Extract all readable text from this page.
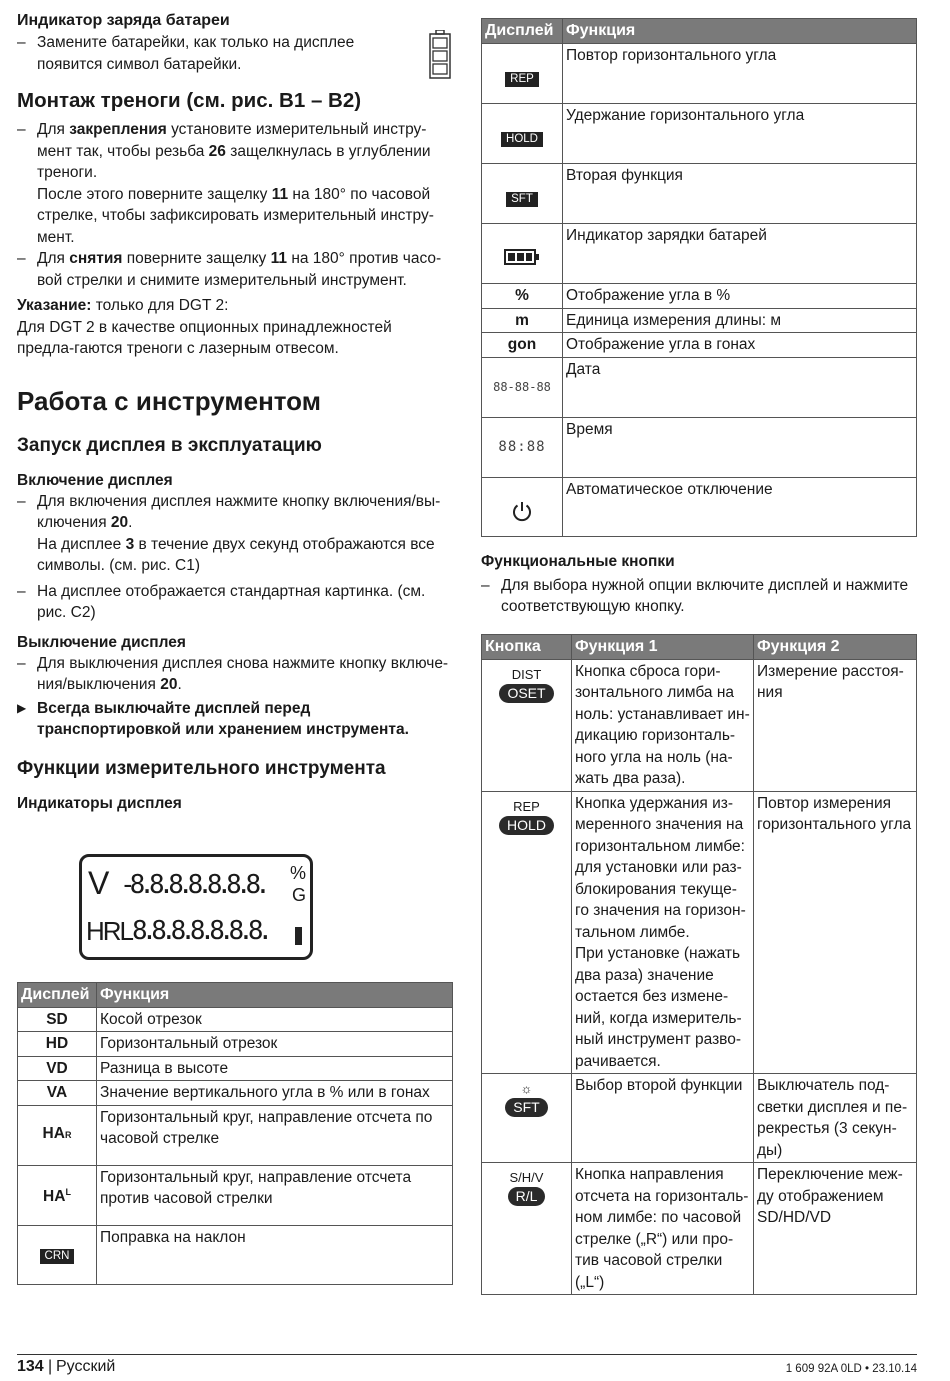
Индикатор заряда батареи
– Замените батарейки, как только на дисплее появится символ батарейки.
Монтаж треноги (см. рис. B1 – B2)
– Для закрепления установите измерительный инстру-мент так, чтобы резьба 26 защелкнулась в углублении треноги.
После этого поверните защелку 11 на 180° по часовой стрелке, чтобы зафиксировать измерительный инстру-мент.
– Для снятия поверните защелку 11 на 180° против часо-вой стрелки и снимите измерительный инструмент.

Указание: только для DGT 2:

Для DGT 2 в качестве опционных принадлежностей предла-гаются треноги с лазерным отвесом.

Работа с инструментом
Запуск дисплея в эксплуатацию
Включение дисплея
– Для включения дисплея нажмите кнопку включения/вы-ключения 20.
На дисплее 3 в течение двух секунд отображаются все символы. (см. рис. C1)
– На дисплее отображается стандартная картинка. (см. рис. C2)
Выключение дисплея
– Для выключения дисплея снова нажмите кнопку включе-ния/выключения 20.
▶ Всегда выключайте дисплей перед транспортировкой или хранением инструмента.
Функции измерительного инструмента
Индикаторы дисплея
V -8.8.8.8.8.8.8. %
G
HRL 8.8.8.8.8.8.8.
Дисплей	Функция
SD	Косой отрезок
HD	Горизонтальный отрезок
VD	Разница в высоте
VA	Значение вертикального угла в % или в гонах
HAR	Горизонтальный круг, направление отсчета по часовой стрелке
$HA^L$	Горизонтальный круг, направление отсчета против часовой стрелки
CRN	Поправка на наклон
Дисплей	Функция
REP	Повтор горизонтального угла
HOLD	Удержание горизонтального угла
SFT	Вторая функция
	Индикатор зарядки батарей
%	Отображение угла в %
m	Единица измерения длины: м
gon	Отображение угла в гонах
88-88-88	Дата
88:88	Время
	Автоматическое отключение
Функциональные кнопки
– Для выбора нужной опции включите дисплей и нажмите соответствующую кнопку.
Кнопка	Функция 1	Функция 2

DIST
OSET	Кнопка сброса гори-зонтального лимба на ноль: устанавливает ин-дикацию горизонталь-ного угла на ноль (на-жать два раза).	Измерение расстоя-ния

REP
HOLD	Кнопка удержания из-меренного значения на горизонтальном лимбе: для установки или раз-блокирования текуще-го значения на горизон-тальном лимбе.
При установке (нажать два раза) значение остается без измене-ний, когда измеритель-ный инструмент разво-рачивается.	Повтор измерения горизонтального угла

☼
SFT	Выбор второй функции	Выключатель под-светки дисплея и пе-рекрестья (3 секун-ды)

S/H/V
R/L	Кнопка направления отсчета на горизонталь-ном лимбе: по часовой стрелке („R“) или про-тив часовой стрелки („L“)	Переключение меж-ду отображением SD/HD/VD
134 | Русский	1 609 92A 0LD • 23.10.14
